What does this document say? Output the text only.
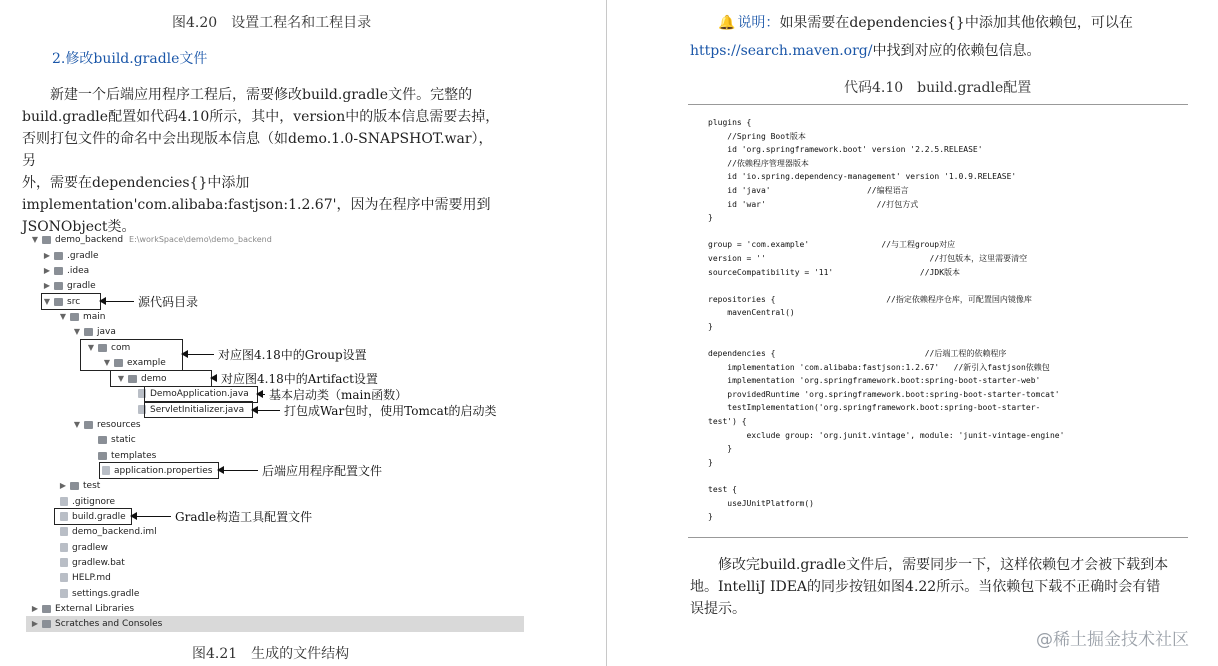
图4.20　设置工程名和工程目录
2.修改build.gradle文件

　　新建一个后端应用程序工程后，需要修改build.gradle文件。完整的

build.gradle配置如代码4.10所示，其中，version中的版本信息需要去掉，

否则打包文件的命名中会出现版本信息（如demo.1.0-SNAPSHOT.war），另

外，需要在dependencies{}中添加

implementation'com.alibaba:fastjson:1.2.67'，因为在程序中需要用到

JSONObject类。

▼ demo_backend E:\workSpace\demo\demo_backend
▶ .gradle
▶ .idea
▶ gradle
▼ src
▼ main
▼ java
▼ com
▼ example
▼ demo
DemoApplication.java
ServletInitializer.java
▼ resources
static
templates
application.properties
▶ test
.gitignore
build.gradle
demo_backend.iml
gradlew
gradlew.bat
HELP.md
settings.gradle
▶ External Libraries
▶ Scratches and Consoles
源代码目录
对应图4.18中的Group设置
对应图4.18中的Artifact设置
基本启动类（main函数）
打包成War包时，使用Tomcat的启动类
后端应用程序配置文件
Gradle构造工具配置文件
图4.21　生成的文件结构
🔔 说明：如果需要在dependencies{}中添加其他依赖包，可以在
https://search.maven.org/中找到对应的依赖包信息。
代码4.10　build.gradle配置
plugins {
//Spring Boot版本
id 'org.springframework.boot' version '2.2.5.RELEASE'
//依赖程序管理器版本
id 'io.spring.dependency-management' version '1.0.9.RELEASE'
id 'java'                    //编程语言
id 'war'                       //打包方式
}

group = 'com.example'               //与工程group对应
version = ''                                  //打包版本，这里需要清空
sourceCompatibility = '11'                  //JDK版本

repositories {                       //指定依赖程序仓库，可配置国内镜像库
mavenCentral()
}

dependencies {                               //后端工程的依赖程序
implementation 'com.alibaba:fastjson:1.2.67'   //新引入fastjson依赖包
implementation 'org.springframework.boot:spring-boot-starter-web'
providedRuntime 'org.springframework.boot:spring-boot-starter-tomcat'
testImplementation('org.springframework.boot:spring-boot-starter-
test') {
exclude group: 'org.junit.vintage', module: 'junit-vintage-engine'
}
}

test {
useJUnitPlatform()
}

修改完build.gradle文件后，需要同步一下，这样依赖包才会被下载到本

地。IntelliJ IDEA的同步按钮如图4.22所示。当依赖包下载不正确时会有错

误提示。

@稀土掘金技术社区
